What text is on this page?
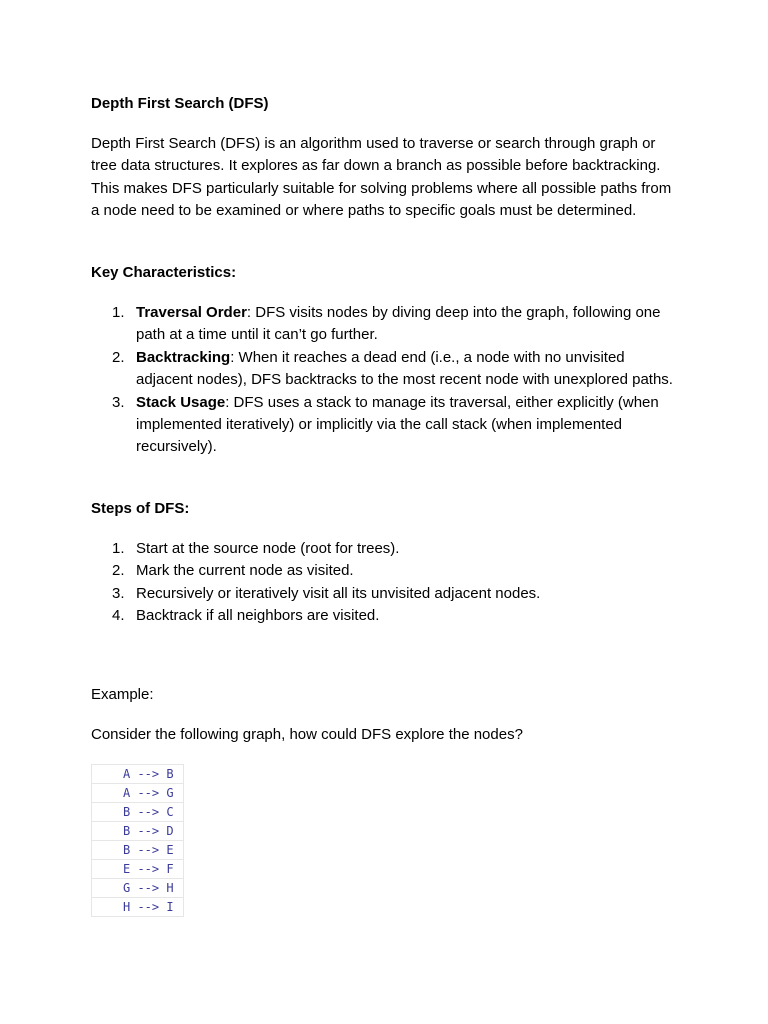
Depth First Search (DFS)
Depth First Search (DFS) is an algorithm used to traverse or search through graph or tree data structures. It explores as far down a branch as possible before backtracking. This makes DFS particularly suitable for solving problems where all possible paths from a node need to be examined or where paths to specific goals must be determined.
Key Characteristics:
1. Traversal Order: DFS visits nodes by diving deep into the graph, following one path at a time until it can’t go further.
2. Backtracking: When it reaches a dead end (i.e., a node with no unvisited adjacent nodes), DFS backtracks to the most recent node with unexplored paths.
3. Stack Usage: DFS uses a stack to manage its traversal, either explicitly (when implemented iteratively) or implicitly via the call stack (when implemented recursively).
Steps of DFS:
1. Start at the source node (root for trees).
2. Mark the current node as visited.
3. Recursively or iteratively visit all its unvisited adjacent nodes.
4. Backtrack if all neighbors are visited.
Example:
Consider the following graph, how could DFS explore the nodes?
A --> B
A --> G
B --> C
B --> D
B --> E
E --> F
G --> H
H --> I
